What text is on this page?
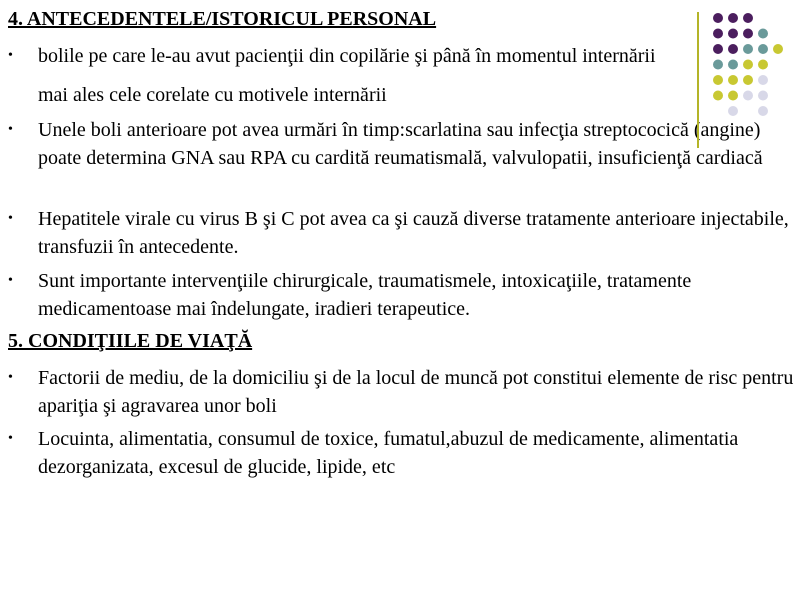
4. ANTECEDENTELE/ISTORICUL PERSONAL
• bolile pe care le-au avut pacienţii din copilărie şi până în momentul internării
mai ales cele corelate cu motivele internării
• Unele boli anterioare pot avea urmări în timp:scarlatina sau infecţia streptococică (angine) poate determina GNA sau RPA cu cardită reumatismală, valvulopatii, insuficienţă cardiacă
• Hepatitele virale cu virus B şi C pot avea ca şi cauză diverse tratamente anterioare injectabile, transfuzii în antecedente.
• Sunt importante intervenţiile chirurgicale, traumatismele, intoxicaţiile, tratamente medicamentoase mai îndelungate, iradieri terapeutice.
5. CONDIŢIILE DE VIAŢĂ
• Factorii de mediu, de la domiciliu şi de la locul de muncă pot constitui elemente de risc pentru apariţia şi agravarea unor boli
• Locuinta, alimentatia, consumul de toxice, fumatul,abuzul de medicamente, alimentatia dezorganizata, excesul de glucide, lipide, etc
